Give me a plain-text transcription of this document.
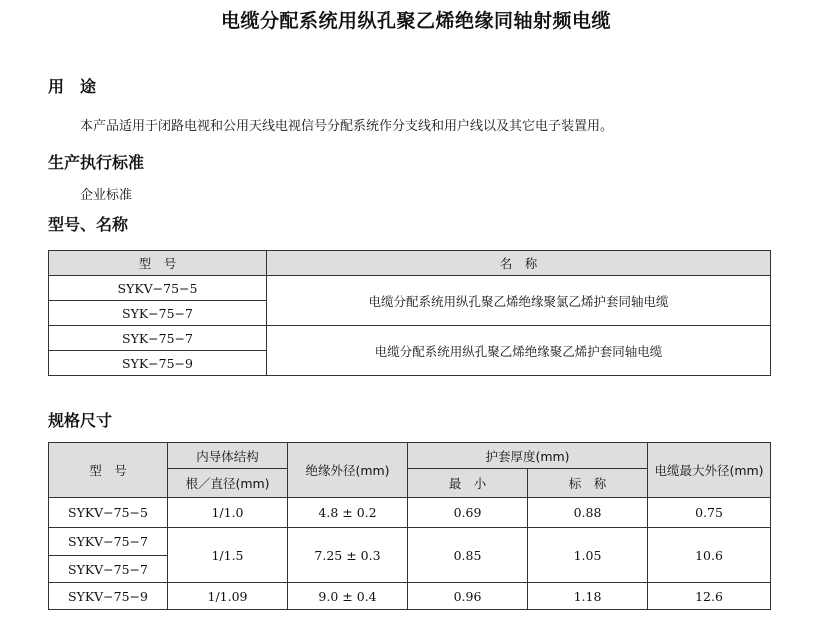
电缆分配系统用纵孔聚乙烯绝缘同轴射频电缆
用　途
本产品适用于闭路电视和公用天线电视信号分配系统作分支线和用户线以及其它电子装置用。
生产执行标准
企业标准
型号、名称
型　号	名　称
SYKV−75−5	电缆分配系统用纵孔聚乙烯绝缘聚氯乙烯护套同轴电缆
SYK−75−7	
SYK−75−7	电缆分配系统用纵孔聚乙烯绝缘聚乙烯护套同轴电缆
SYK−75−9	
规格尺寸
型　号	内导体结构	绝缘外径(mm)	护套厚度(mm)		电缆最大外径(mm)
	根／直径(mm)		最　小	标　称	
SYKV−75−5	1/1.0	4.8 ± 0.2	0.69	0.88	0.75
SYKV−75−7	1/1.5	7.25 ± 0.3	0.85	1.05	10.6
SYKV−75−7					
SYKV−75−9	1/1.09	9.0 ± 0.4	0.96	1.18	12.6
